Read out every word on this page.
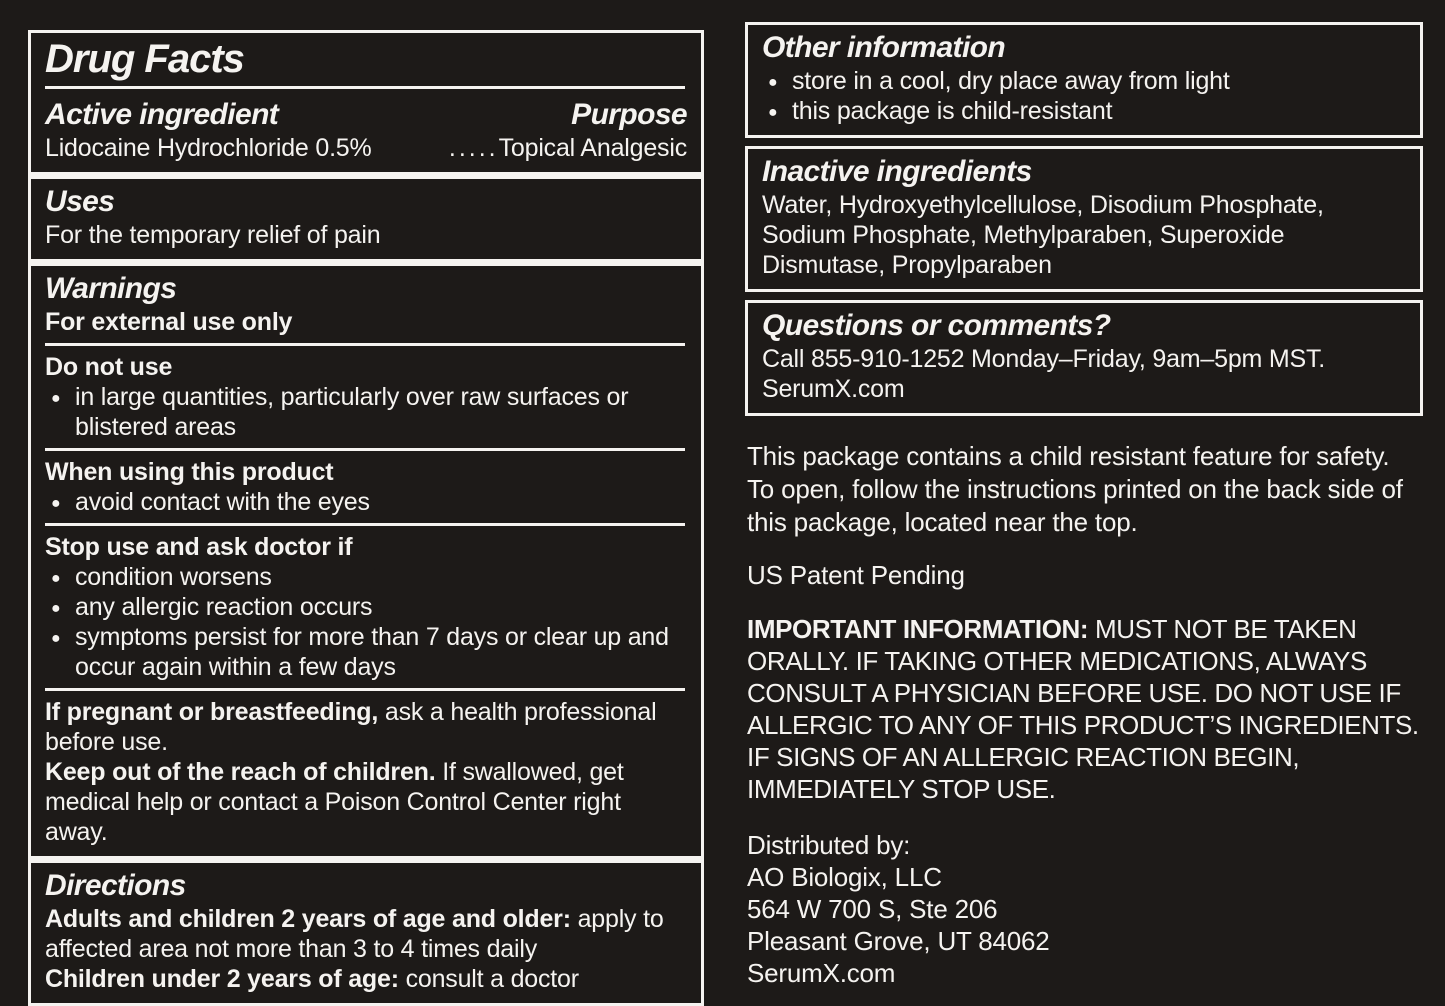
Drug Facts
Active ingredient	Purpose
Lidocaine Hydrochloride 0.5%	..... Topical Analgesic
Uses
For the temporary relief of pain
Warnings
For external use only
Do not use
● in large quantities, particularly over raw surfaces or blistered areas
When using this product
● avoid contact with the eyes
Stop use and ask doctor if
● condition worsens
● any allergic reaction occurs
● symptoms persist for more than 7 days or clear up and occur again within a few days

If pregnant or breastfeeding, ask a health professional before use.

Keep out of the reach of children. If swallowed, get medical help or contact a Poison Control Center right away.

Directions

Adults and children 2 years of age and older: apply to affected area not more than 3 to 4 times daily

Children under 2 years of age: consult a doctor

Other information
● store in a cool, dry place away from light
● this package is child-resistant
Inactive ingredients
Water, Hydroxyethylcellulose, Disodium Phosphate, Sodium Phosphate, Methylparaben, Superoxide Dismutase, Propylparaben
Questions or comments?
Call 855-910-1252 Monday–Friday, 9am–5pm MST.
SerumX.com

This package contains a child resistant feature for safety. To open, follow the instructions printed on the back side of this package, located near the top.

US Patent Pending

IMPORTANT INFORMATION: MUST NOT BE TAKEN ORALLY. IF TAKING OTHER MEDICATIONS, ALWAYS CONSULT A PHYSICIAN BEFORE USE. DO NOT USE IF ALLERGIC TO ANY OF THIS PRODUCT’S INGREDIENTS. IF SIGNS OF AN ALLERGIC REACTION BEGIN, IMMEDIATELY STOP USE.

Distributed by:
AO Biologix, LLC
564 W 700 S, Ste 206
Pleasant Grove, UT 84062
SerumX.com
